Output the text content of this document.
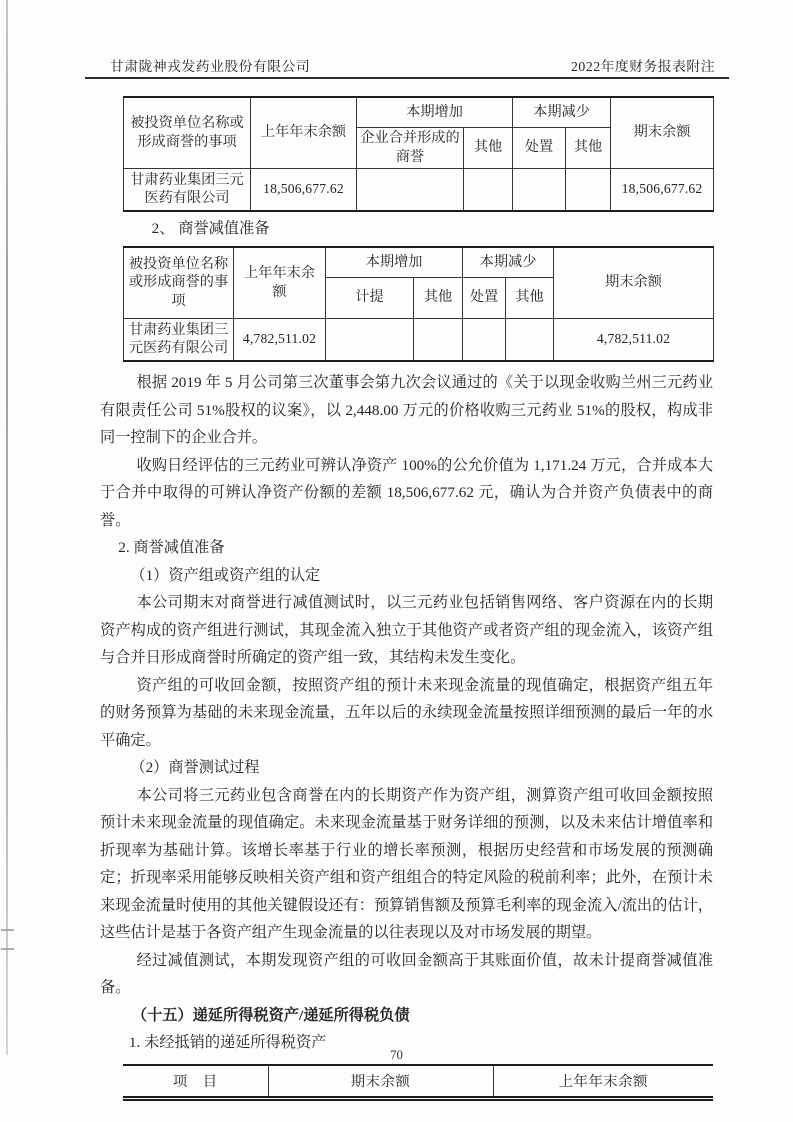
甘肃陇神戎发药业股份有限公司	2022年度财务报表附注
被投资单位名称或形成商誉的事项	上年年末余额	本期增加		本期减少		期末余额
		企业合并形成的商誉	其他	处置	其他	
甘肃药业集团三元医药有限公司	18,506,677.62					18,506,677.62
2、 商誉减值准备
被投资单位名称或形成商誉的事项	上年年末余额	本期增加		本期减少		期末余额
		计提	其他	处置	其他	
甘肃药业集团三元医药有限公司	4,782,511.02					4,782,511.02

根据 2019 年 5 月公司第三次董事会第九次会议通过的《关于以现金收购兰州三元药业有限责任公司 51%股权的议案》，以 2,448.00 万元的价格收购三元药业 51%的股权，构成非同一控制下的企业合并。

收购日经评估的三元药业可辨认净资产 100%的公允价值为 1,171.24 万元，合并成本大于合并中取得的可辨认净资产份额的差额 18,506,677.62 元，确认为合并资产负债表中的商誉。

2. 商誉减值准备

（1）资产组或资产组的认定

本公司期末对商誉进行减值测试时，以三元药业包括销售网络、客户资源在内的长期资产构成的资产组进行测试，其现金流入独立于其他资产或者资产组的现金流入，该资产组与合并日形成商誉时所确定的资产组一致，其结构未发生变化。

资产组的可收回金额，按照资产组的预计未来现金流量的现值确定，根据资产组五年的财务预算为基础的未来现金流量，五年以后的永续现金流量按照详细预测的最后一年的水平确定。

（2）商誉测试过程

本公司将三元药业包含商誉在内的长期资产作为资产组，测算资产组可收回金额按照预计未来现金流量的现值确定。未来现金流量基于财务详细的预测，以及未来估计增值率和折现率为基础计算。该增长率基于行业的增长率预测，根据历史经营和市场发展的预测确定；折现率采用能够反映相关资产组和资产组组合的特定风险的税前利率；此外，在预计未来现金流量时使用的其他关键假设还有：预算销售额及预算毛利率的现金流入/流出的估计，这些估计是基于各资产组产生现金流量的以往表现以及对市场发展的期望。

经过减值测试，本期发现资产组的可收回金额高于其账面价值，故未计提商誉减值准备。

（十五）递延所得税资产/递延所得税负债

1. 未经抵销的递延所得税资产

项　目	期末余额	上年年末余额
70
